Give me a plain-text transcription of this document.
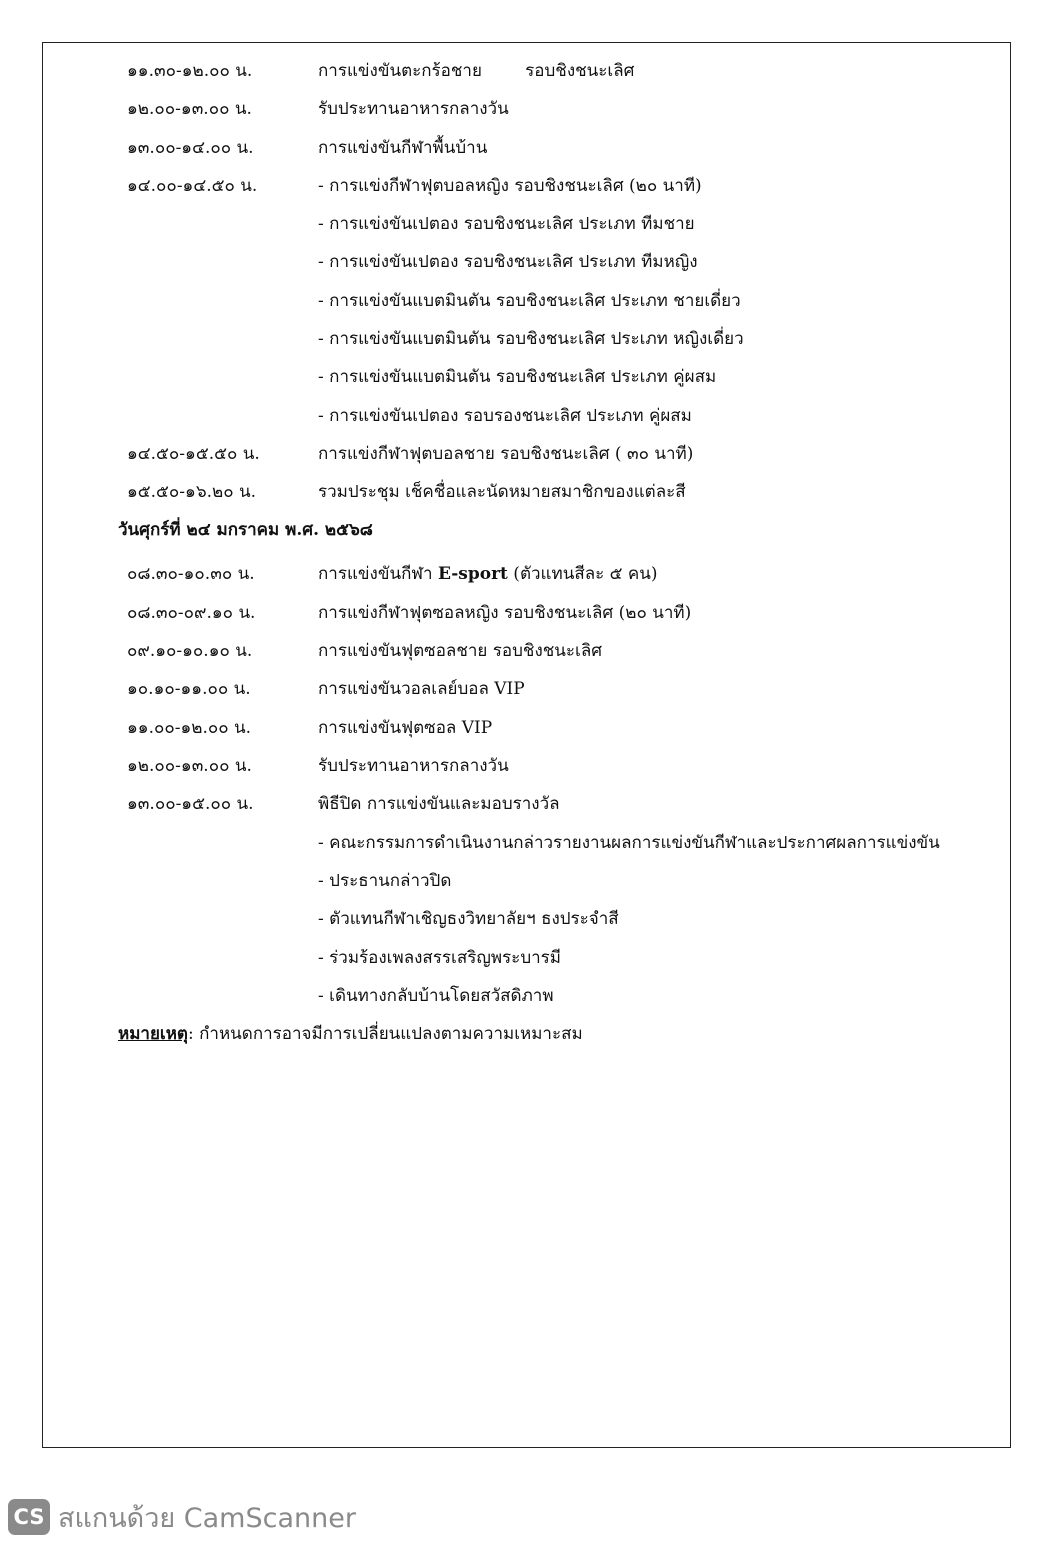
๑๑.๓๐-๑๒.๐๐ น.	การแข่งขันตะกร้อชาย        รอบชิงชนะเลิศ
๑๒.๐๐-๑๓.๐๐ น.	รับประทานอาหารกลางวัน
๑๓.๐๐-๑๔.๐๐ น.	การแข่งขันกีฬาพื้นบ้าน
๑๔.๐๐-๑๔.๕๐ น.	- การแข่งกีฬาฟุตบอลหญิง รอบชิงชนะเลิศ (๒๐ นาที)
- การแข่งขันเปตอง รอบชิงชนะเลิศ ประเภท ทีมชาย
- การแข่งขันเปตอง รอบชิงชนะเลิศ ประเภท ทีมหญิง
- การแข่งขันแบตมินตัน รอบชิงชนะเลิศ ประเภท ชายเดี่ยว
- การแข่งขันแบตมินตัน รอบชิงชนะเลิศ ประเภท หญิงเดี่ยว
- การแข่งขันแบตมินตัน รอบชิงชนะเลิศ ประเภท คู่ผสม
- การแข่งขันเปตอง รอบรองชนะเลิศ ประเภท คู่ผสม
๑๔.๕๐-๑๕.๕๐ น.	การแข่งกีฬาฟุตบอลชาย รอบชิงชนะเลิศ ( ๓๐ นาที)
๑๕.๕๐-๑๖.๒๐ น.	รวมประชุม เช็คชื่อและนัดหมายสมาชิกของแต่ละสี
วันศุกร์ที่ ๒๔ มกราคม พ.ศ. ๒๕๖๘
๐๘.๓๐-๑๐.๓๐ น.	การแข่งขันกีฬา E-sport (ตัวแทนสีละ ๕ คน)
๐๘.๓๐-๐๙.๑๐ น.	การแข่งกีฬาฟุตซอลหญิง รอบชิงชนะเลิศ (๒๐ นาที)
๐๙.๑๐-๑๐.๑๐ น.	การแข่งขันฟุตซอลชาย รอบชิงชนะเลิศ
๑๐.๑๐-๑๑.๐๐ น.	การแข่งขันวอลเลย์บอล VIP
๑๑.๐๐-๑๒.๐๐ น.	การแข่งขันฟุตซอล VIP
๑๒.๐๐-๑๓.๐๐ น.	รับประทานอาหารกลางวัน
๑๓.๐๐-๑๕.๐๐ น.	พิธีปิด การแข่งขันและมอบรางวัล
- คณะกรรมการดำเนินงานกล่าวรายงานผลการแข่งขันกีฬาและประกาศผลการแข่งขัน
- ประธานกล่าวปิด
- ตัวแทนกีฬาเชิญธงวิทยาลัยฯ ธงประจำสี
- ร่วมร้องเพลงสรรเสริญพระบารมี
- เดินทางกลับบ้านโดยสวัสดิภาพ
หมายเหตุ: กำหนดการอาจมีการเปลี่ยนแปลงตามความเหมาะสม
CS สแกนด้วย CamScanner
